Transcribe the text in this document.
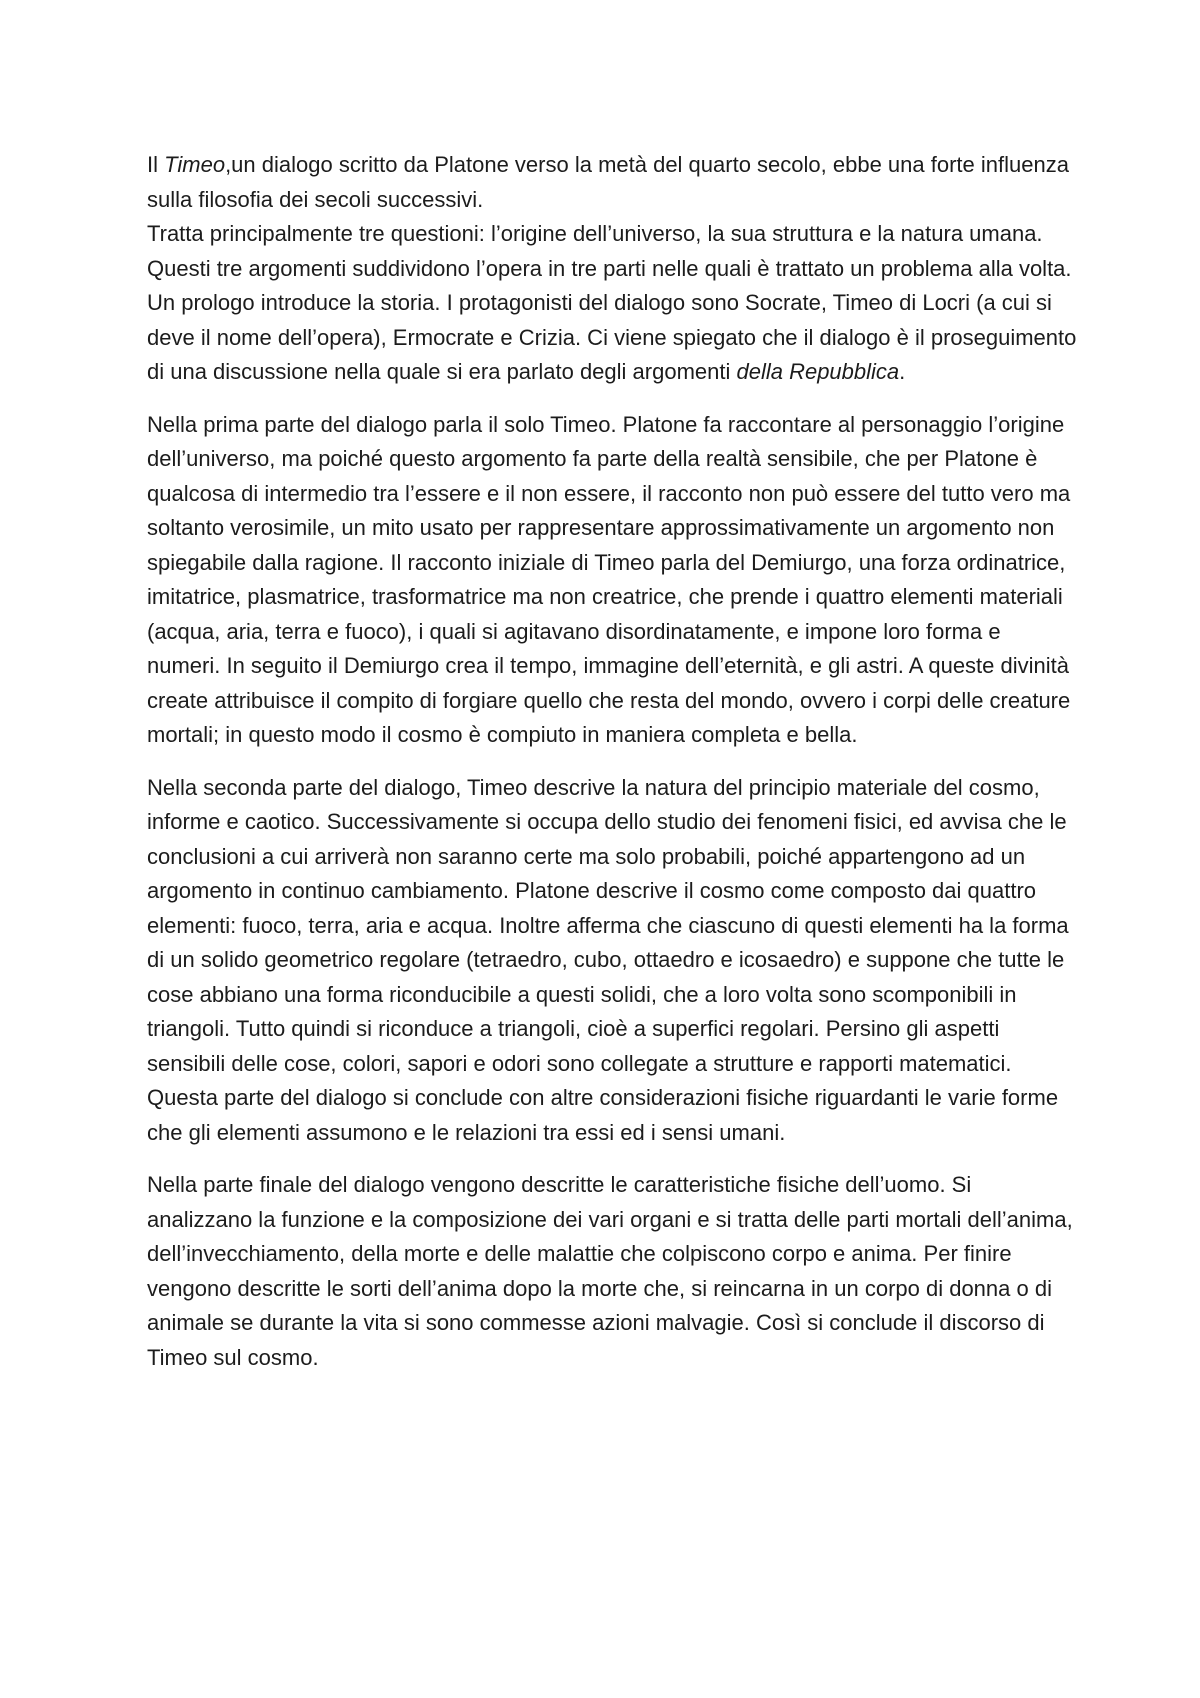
Il Timeo,un dialogo scritto da Platone verso la metà del quarto secolo, ebbe una forte influenza sulla filosofia dei secoli successivi.
Tratta principalmente tre questioni: l’origine dell’universo, la sua struttura e la natura umana. Questi tre argomenti suddividono l’opera in tre parti nelle quali è trattato un problema alla volta. Un prologo introduce la storia. I protagonisti del dialogo sono Socrate, Timeo di Locri (a cui si deve il nome dell’opera), Ermocrate e Crizia. Ci viene spiegato che il dialogo è il proseguimento di una discussione nella quale si era parlato degli argomenti della Repubblica.

Nella prima parte del dialogo parla il solo Timeo. Platone fa raccontare al personaggio l’origine dell’universo, ma poiché questo argomento fa parte della realtà sensibile, che per Platone è qualcosa di intermedio tra l’essere e il non essere, il racconto non può essere del tutto vero ma soltanto verosimile, un mito usato per rappresentare approssimativamente un argomento non spiegabile dalla ragione. Il racconto iniziale di Timeo parla del Demiurgo, una forza ordinatrice, imitatrice, plasmatrice, trasformatrice ma non creatrice, che prende i quattro elementi materiali (acqua, aria, terra e fuoco), i quali si agitavano disordinatamente, e impone loro forma e numeri. In seguito il Demiurgo crea il tempo, immagine dell’eternità, e gli astri. A queste divinità create attribuisce il compito di forgiare quello che resta del mondo, ovvero i corpi delle creature mortali; in questo modo il cosmo è compiuto in maniera completa e bella.

Nella seconda parte del dialogo, Timeo descrive la natura del principio materiale del cosmo, informe e caotico. Successivamente si occupa dello studio dei fenomeni fisici, ed avvisa che le conclusioni a cui arriverà non saranno certe ma solo probabili, poiché appartengono ad un argomento in continuo cambiamento. Platone descrive il cosmo come composto dai quattro elementi: fuoco, terra, aria e acqua. Inoltre afferma che ciascuno di questi elementi ha la forma di un solido geometrico regolare (tetraedro, cubo, ottaedro e icosaedro) e suppone che tutte le cose abbiano una forma riconducibile a questi solidi, che a loro volta sono scomponibili in triangoli. Tutto quindi si riconduce a triangoli, cioè a superfici regolari. Persino gli aspetti sensibili delle cose, colori, sapori e odori sono collegate a strutture e rapporti matematici. Questa parte del dialogo si conclude con altre considerazioni fisiche riguardanti le varie forme che gli elementi assumono e le relazioni tra essi ed i sensi umani.

Nella parte finale del dialogo vengono descritte le caratteristiche fisiche dell’uomo. Si analizzano la funzione e la composizione dei vari organi e si tratta delle parti mortali dell’anima, dell’invecchiamento, della morte e delle malattie che colpiscono corpo e anima. Per finire vengono descritte le sorti dell’anima dopo la morte che, si reincarna in un corpo di donna o di animale se durante la vita si sono commesse azioni malvagie. Così si conclude il discorso di Timeo sul cosmo.
